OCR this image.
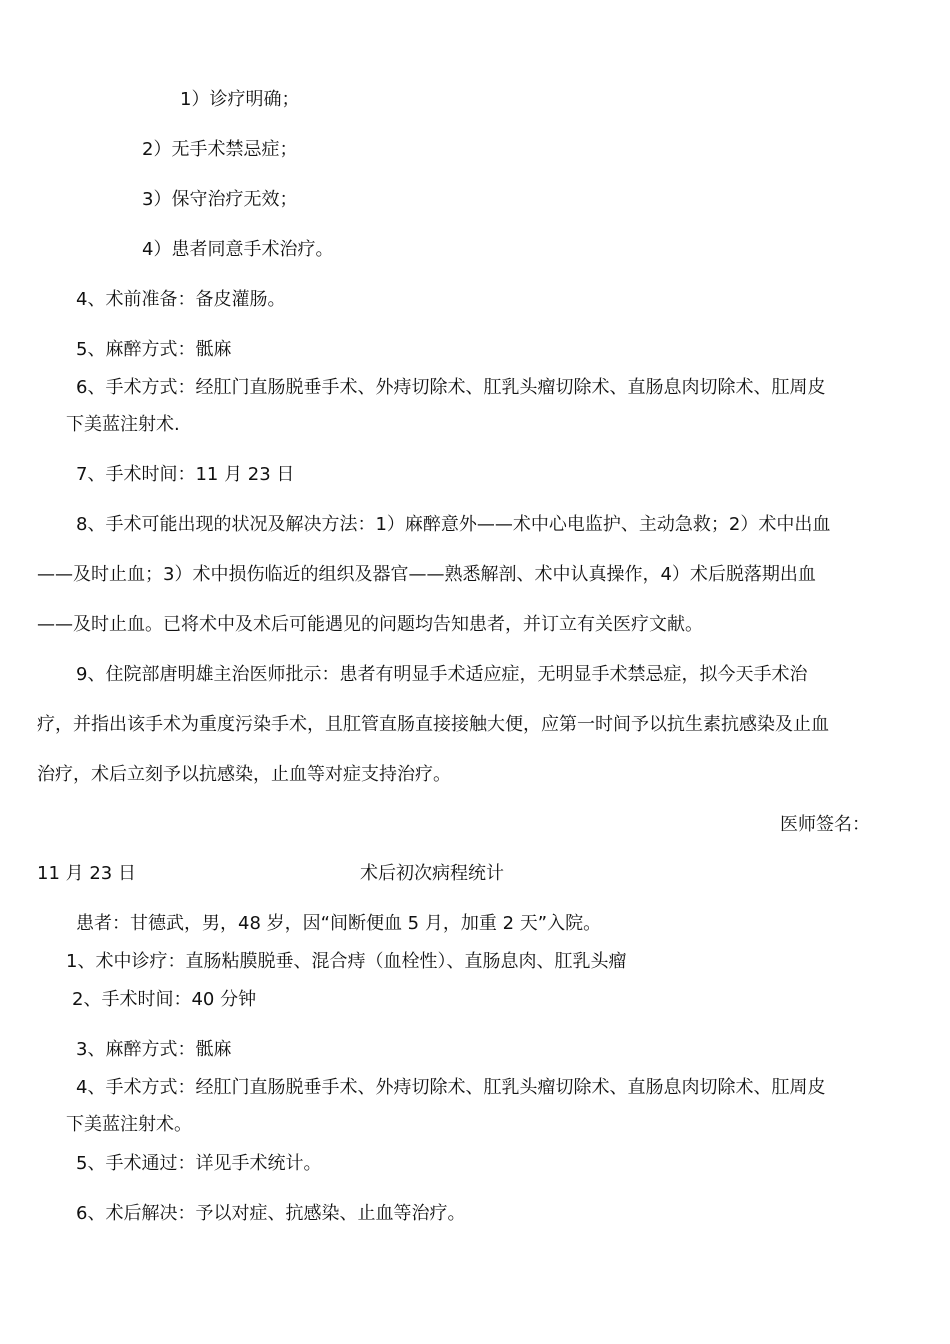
1）诊疗明确；
2）无手术禁忌症；
3）保守治疗无效；
4）患者同意手术治疗。
4、术前准备：备皮灌肠。
5、麻醉方式：骶麻
6、手术方式：经肛门直肠脱垂手术、外痔切除术、肛乳头瘤切除术、直肠息肉切除术、肛周皮
下美蓝注射术.
7、手术时间：11 月 23 日
8、手术可能出现的状况及解决方法：1）麻醉意外——术中心电监护、主动急救；2）术中出血
——及时止血；3）术中损伤临近的组织及器官——熟悉解剖、术中认真操作，4）术后脱落期出血
——及时止血。已将术中及术后可能遇见的问题均告知患者，并订立有关医疗文献。
9、住院部唐明雄主治医师批示：患者有明显手术适应症，无明显手术禁忌症，拟今天手术治
疗，并指出该手术为重度污染手术，且肛管直肠直接接触大便，应第一时间予以抗生素抗感染及止血
治疗，术后立刻予以抗感染，止血等对症支持治疗。
医师签名：
11 月 23 日	术后初次病程统计
患者：甘德武，男，48 岁，因“间断便血 5 月，加重 2 天”入院。
1、术中诊疗：直肠粘膜脱垂、混合痔（血栓性）、直肠息肉、肛乳头瘤
2、手术时间：40 分钟
3、麻醉方式：骶麻
4、手术方式：经肛门直肠脱垂手术、外痔切除术、肛乳头瘤切除术、直肠息肉切除术、肛周皮
下美蓝注射术。
5、手术通过：详见手术统计。
6、术后解决：予以对症、抗感染、止血等治疗。
